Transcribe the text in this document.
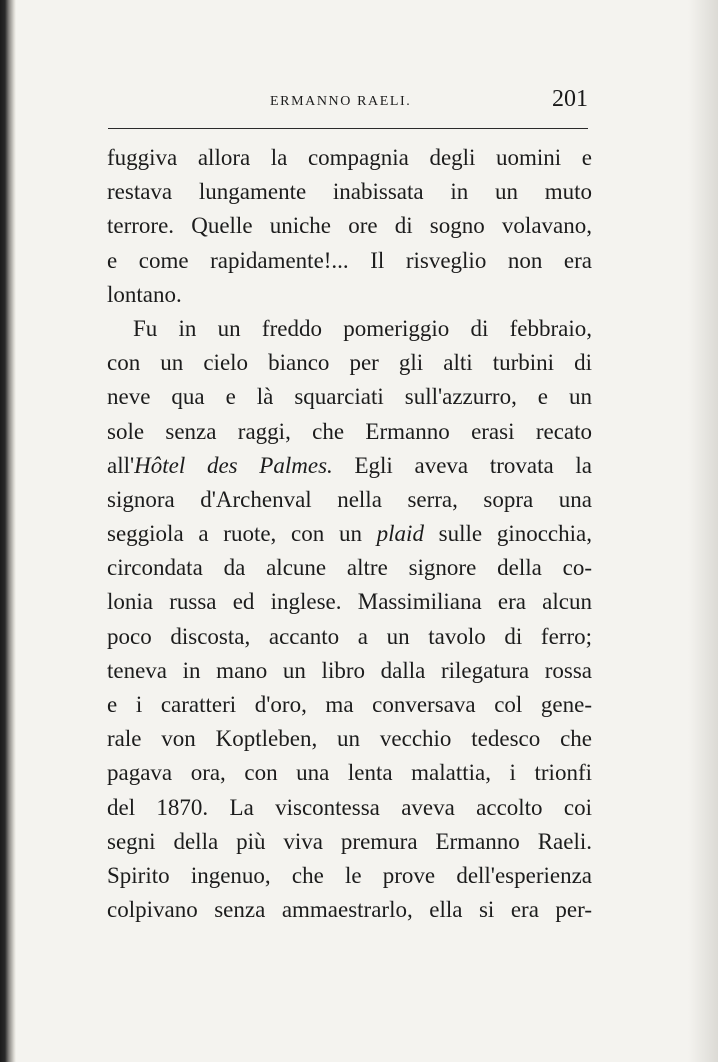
ERMANNO RAELI.	201
fuggiva allora la compagnia degli uomini e
restava lungamente inabissata in un muto
terrore. Quelle uniche ore di sogno volavano,
e come rapidamente!... Il risveglio non era
lontano.
Fu in un freddo pomeriggio di febbraio,
con un cielo bianco per gli alti turbini di
neve qua e là squarciati sull'azzurro, e un
sole senza raggi, che Ermanno erasi recato
all'Hôtel des Palmes. Egli aveva trovata la
signora d'Archenval nella serra, sopra una
seggiola a ruote, con un plaid sulle ginocchia,
circondata da alcune altre signore della co-
lonia russa ed inglese. Massimiliana era alcun
poco discosta, accanto a un tavolo di ferro;
teneva in mano un libro dalla rilegatura rossa
e i caratteri d'oro, ma conversava col gene-
rale von Koptleben, un vecchio tedesco che
pagava ora, con una lenta malattia, i trionfi
del 1870. La viscontessa aveva accolto coi
segni della più viva premura Ermanno Raeli.
Spirito ingenuo, che le prove dell'esperienza
colpivano senza ammaestrarlo, ella si era per-
